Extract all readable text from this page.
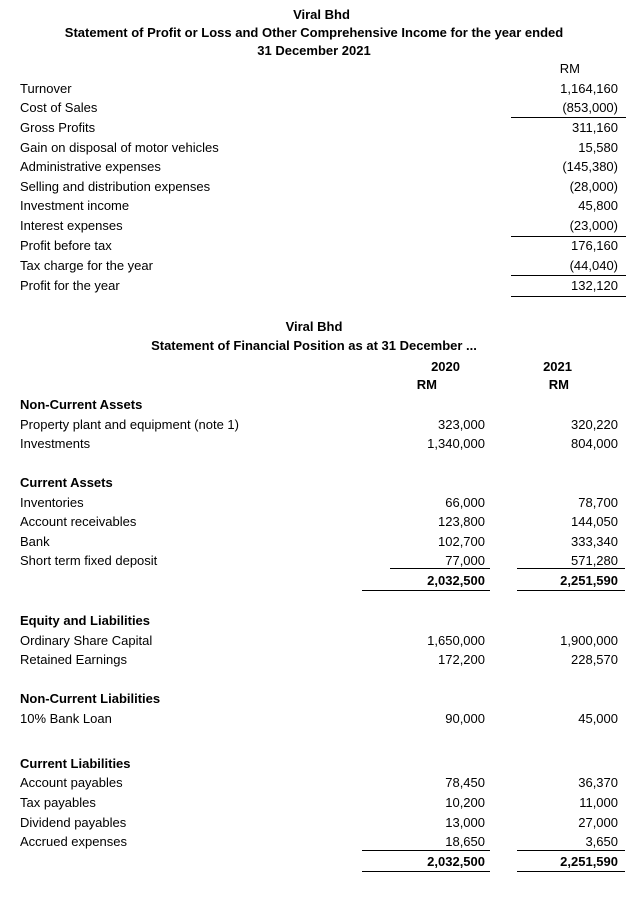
Viral Bhd
Statement of Profit or Loss and Other Comprehensive Income for the year ended
31 December 2021
RM
Turnover	1,164,160
Cost of Sales	(853,000)
Gross Profits	311,160
Gain on disposal of motor vehicles	15,580
Administrative expenses	(145,380)
Selling and distribution expenses	(28,000)
Investment income	45,800
Interest expenses	(23,000)
Profit before tax	176,160
Tax charge for the year	(44,040)
Profit for the year	132,120
Viral Bhd
Statement of Financial Position as at 31 December ...
2020	2021
RM	RM
Non-Current Assets
Property plant and equipment (note 1)	323,000	320,220
Investments	1,340,000	804,000
Current Assets
Inventories	66,000	78,700
Account receivables	123,800	144,050
Bank	102,700	333,340
Short term fixed deposit	77,000	571,280
2,032,500	2,251,590
Equity and Liabilities
Ordinary Share Capital	1,650,000	1,900,000
Retained Earnings	172,200	228,570
Non-Current Liabilities
10% Bank Loan	90,000	45,000
Current Liabilities
Account payables	78,450	36,370
Tax payables	10,200	11,000
Dividend payables	13,000	27,000
Accrued expenses	18,650	3,650
2,032,500	2,251,590
